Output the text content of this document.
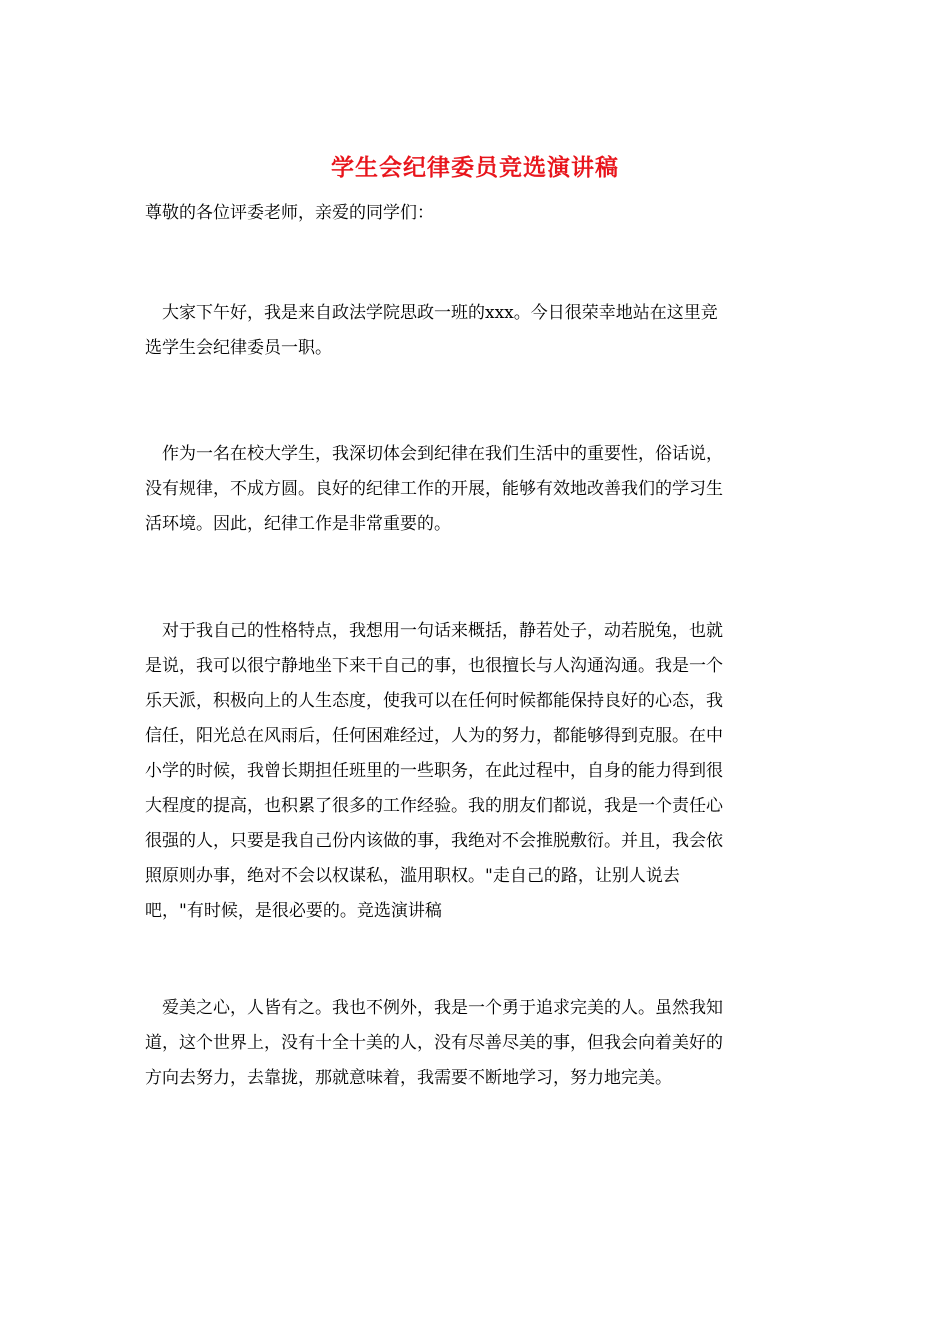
学生会纪律委员竞选演讲稿
尊敬的各位评委老师，亲爱的同学们：
　大家下午好，我是来自政法学院思政一班的xxx。今日很荣幸地站在这里竞
选学生会纪律委员一职。
　作为一名在校大学生，我深切体会到纪律在我们生活中的重要性，俗话说，
没有规律，不成方圆。良好的纪律工作的开展，能够有效地改善我们的学习生
活环境。因此，纪律工作是非常重要的。
　对于我自己的性格特点，我想用一句话来概括，静若处子，动若脱兔，也就
是说，我可以很宁静地坐下来干自己的事，也很擅长与人沟通沟通。我是一个
乐天派，积极向上的人生态度，使我可以在任何时候都能保持良好的心态，我
信任，阳光总在风雨后，任何困难经过，人为的努力，都能够得到克服。在中
小学的时候，我曾长期担任班里的一些职务，在此过程中，自身的能力得到很
大程度的提高，也积累了很多的工作经验。我的朋友们都说，我是一个责任心
很强的人，只要是我自己份内该做的事，我绝对不会推脱敷衍。并且，我会依
照原则办事，绝对不会以权谋私，滥用职权。"走自己的路，让别人说去
吧，"有时候，是很必要的。竞选演讲稿
　爱美之心，人皆有之。我也不例外，我是一个勇于追求完美的人。虽然我知
道，这个世界上，没有十全十美的人，没有尽善尽美的事，但我会向着美好的
方向去努力，去靠拢，那就意味着，我需要不断地学习，努力地完美。
